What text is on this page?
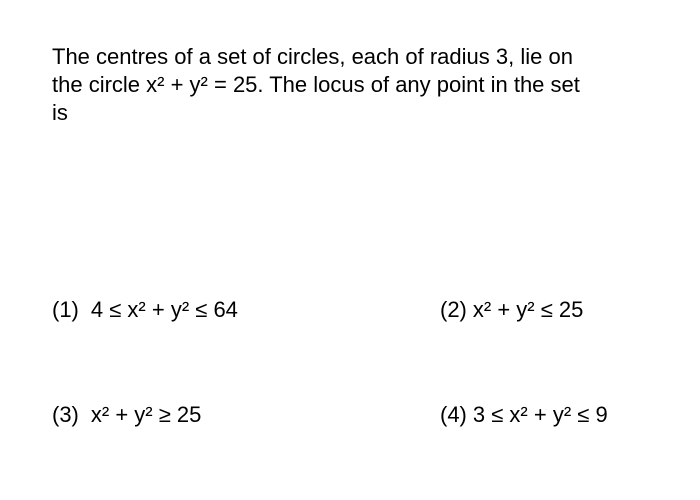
The centres of a set of circles, each of radius 3, lie on
the circle x² + y² = 25. The locus of any point in the set
is
(1) 4 ≤ x² + y² ≤ 64	(2) x² + y² ≤ 25
(3) x² + y² ≥ 25	(4) 3 ≤ x² + y² ≤ 9
